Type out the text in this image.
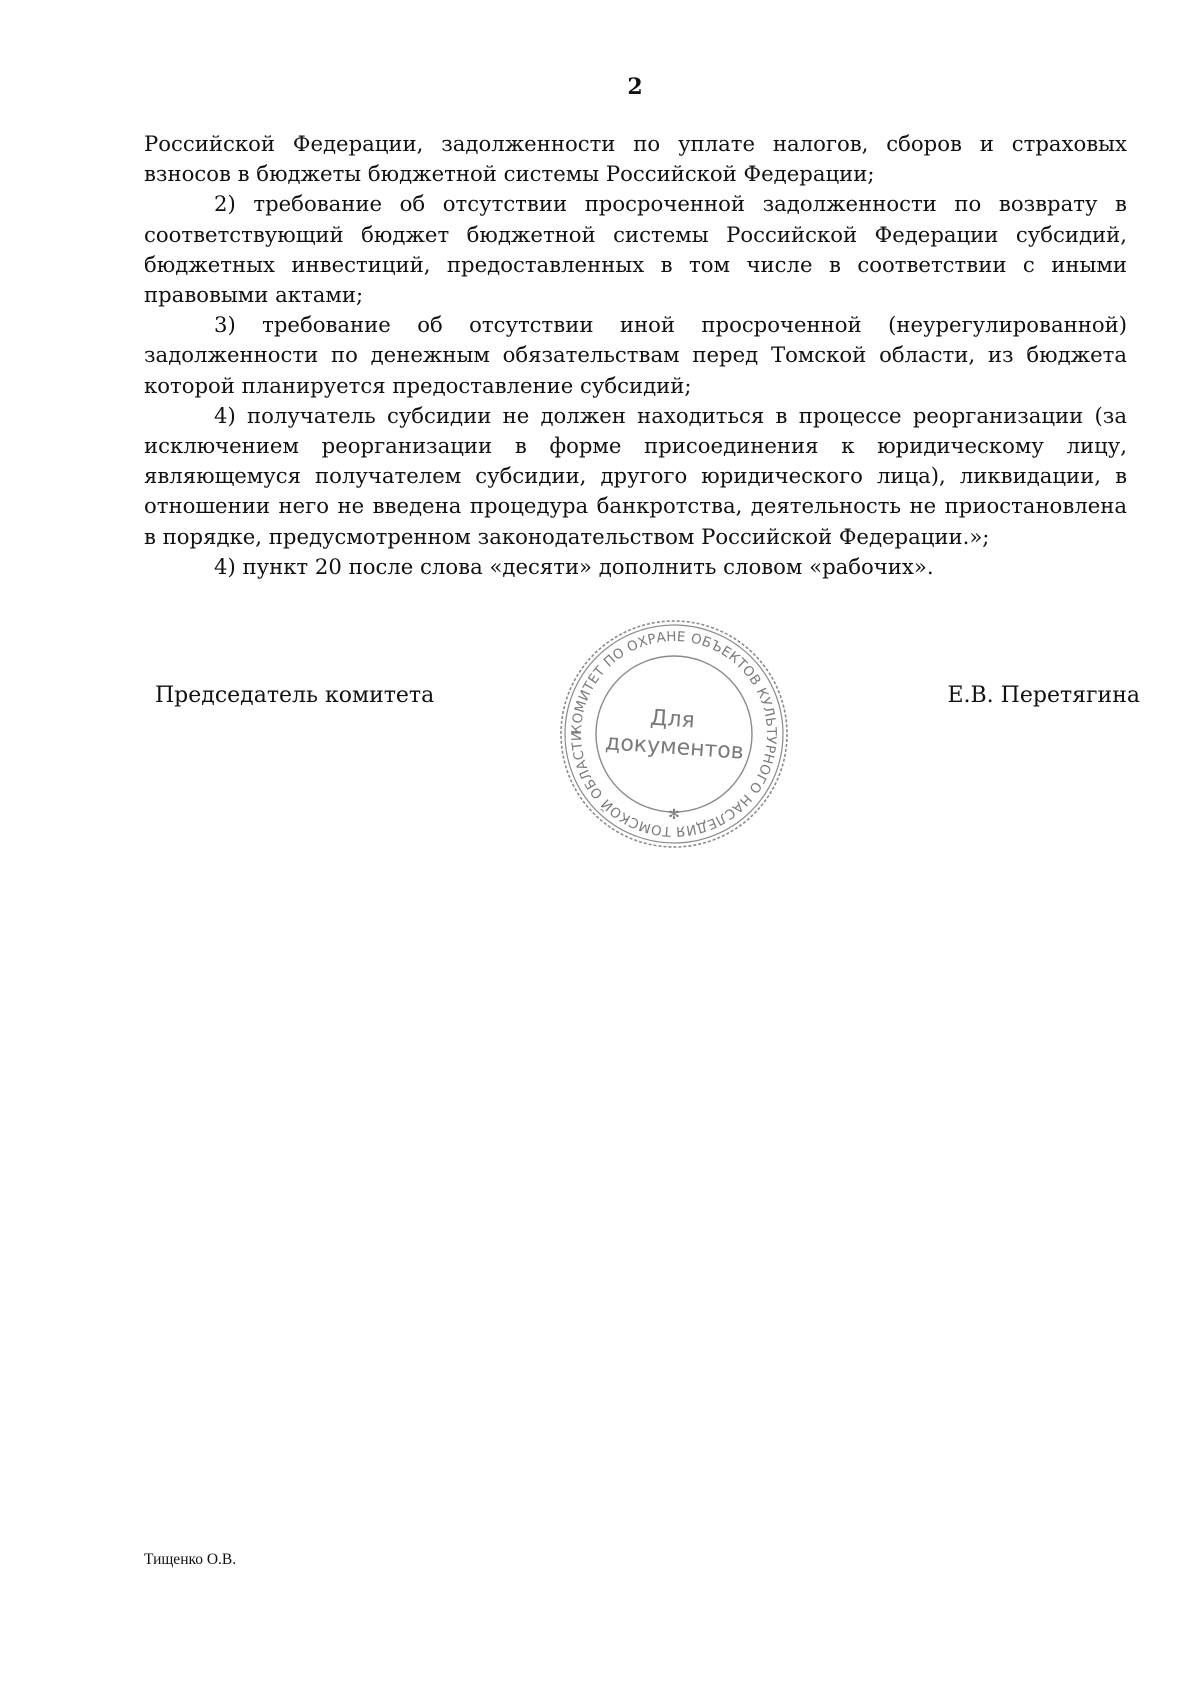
2

Российской Федерации, задолженности по уплате налогов, сборов и страховых взносов в бюджеты бюджетной системы Российской Федерации;

2) требование об отсутствии просроченной задолженности по возврату в соответствующий бюджет бюджетной системы Российской Федерации субсидий, бюджетных инвестиций, предоставленных в том числе в соответствии с иными правовыми актами;

3) требование об отсутствии иной просроченной (неурегулированной) задолженности по денежным обязательствам перед Томской области, из бюджета которой планируется предоставление субсидий;

4) получатель субсидии не должен находиться в процессе реорганизации (за исключением реорганизации в форме присоединения к юридическому лицу, являющемуся получателем субсидии, другого юридического лица), ликвидации, в отношении него не введена процедура банкротства, деятельность не приостановлена в порядке, предусмотренном законодательством Российской Федерации.»;

4) пункт 20 после слова «десяти» дополнить словом «рабочих».

Председатель комитета
КОМИТЕТ ПО ОХРАНЕ ОБЪЕКТОВ КУЛЬТУРНОГО НАСЛЕДИЯ ТОМСКОЙ ОБЛАСТИ
✻
Для
документов
Е.В. Перетягина
Тищенко О.В.
